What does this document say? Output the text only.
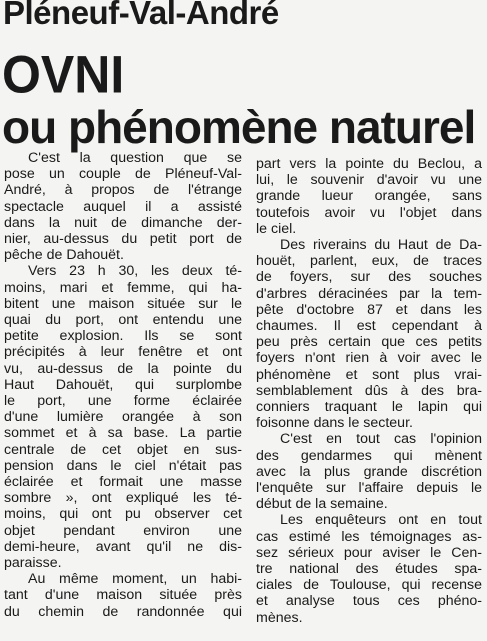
Pléneuf-Val-André
OVNI
ou phénomène naturel
C'est la question que se
pose un couple de Pléneuf-Val-
André, à propos de l'étrange
spectacle auquel il a assisté
dans la nuit de dimanche der-
nier, au-dessus du petit port de
pêche de Dahouët.
Vers 23 h 30, les deux té-
moins, mari et femme, qui ha-
bitent une maison située sur le
quai du port, ont entendu une
petite explosion. Ils se sont
précipités à leur fenêtre et ont
vu, au-dessus de la pointe du
Haut Dahouët, qui surplombe
le port, une forme éclairée
d'une lumière orangée à son
sommet et à sa base. La partie
centrale de cet objet en sus-
pension dans le ciel n'était pas
éclairée et formait une masse
sombre », ont expliqué les té-
moins, qui ont pu observer cet
objet pendant environ une
demi-heure, avant qu'il ne dis-
paraisse.
Au même moment, un habi-
tant d'une maison située près
du chemin de randonnée qui
part vers la pointe du Beclou, a
lui, le souvenir d'avoir vu une
grande lueur orangée, sans
toutefois avoir vu l'objet dans
le ciel.
Des riverains du Haut de Da-
houët, parlent, eux, de traces
de foyers, sur des souches
d'arbres déracinées par la tem-
pête d'octobre 87 et dans les
chaumes. Il est cependant à
peu près certain que ces petits
foyers n'ont rien à voir avec le
phénomène et sont plus vrai-
semblablement dûs à des bra-
conniers traquant le lapin qui
foisonne dans le secteur.
C'est en tout cas l'opinion
des gendarmes qui mènent
avec la plus grande discrétion
l'enquête sur l'affaire depuis le
début de la semaine.
Les enquêteurs ont en tout
cas estimé les témoignages as-
sez sérieux pour aviser le Cen-
tre national des études spa-
ciales de Toulouse, qui recense
et analyse tous ces phéno-
mènes.
